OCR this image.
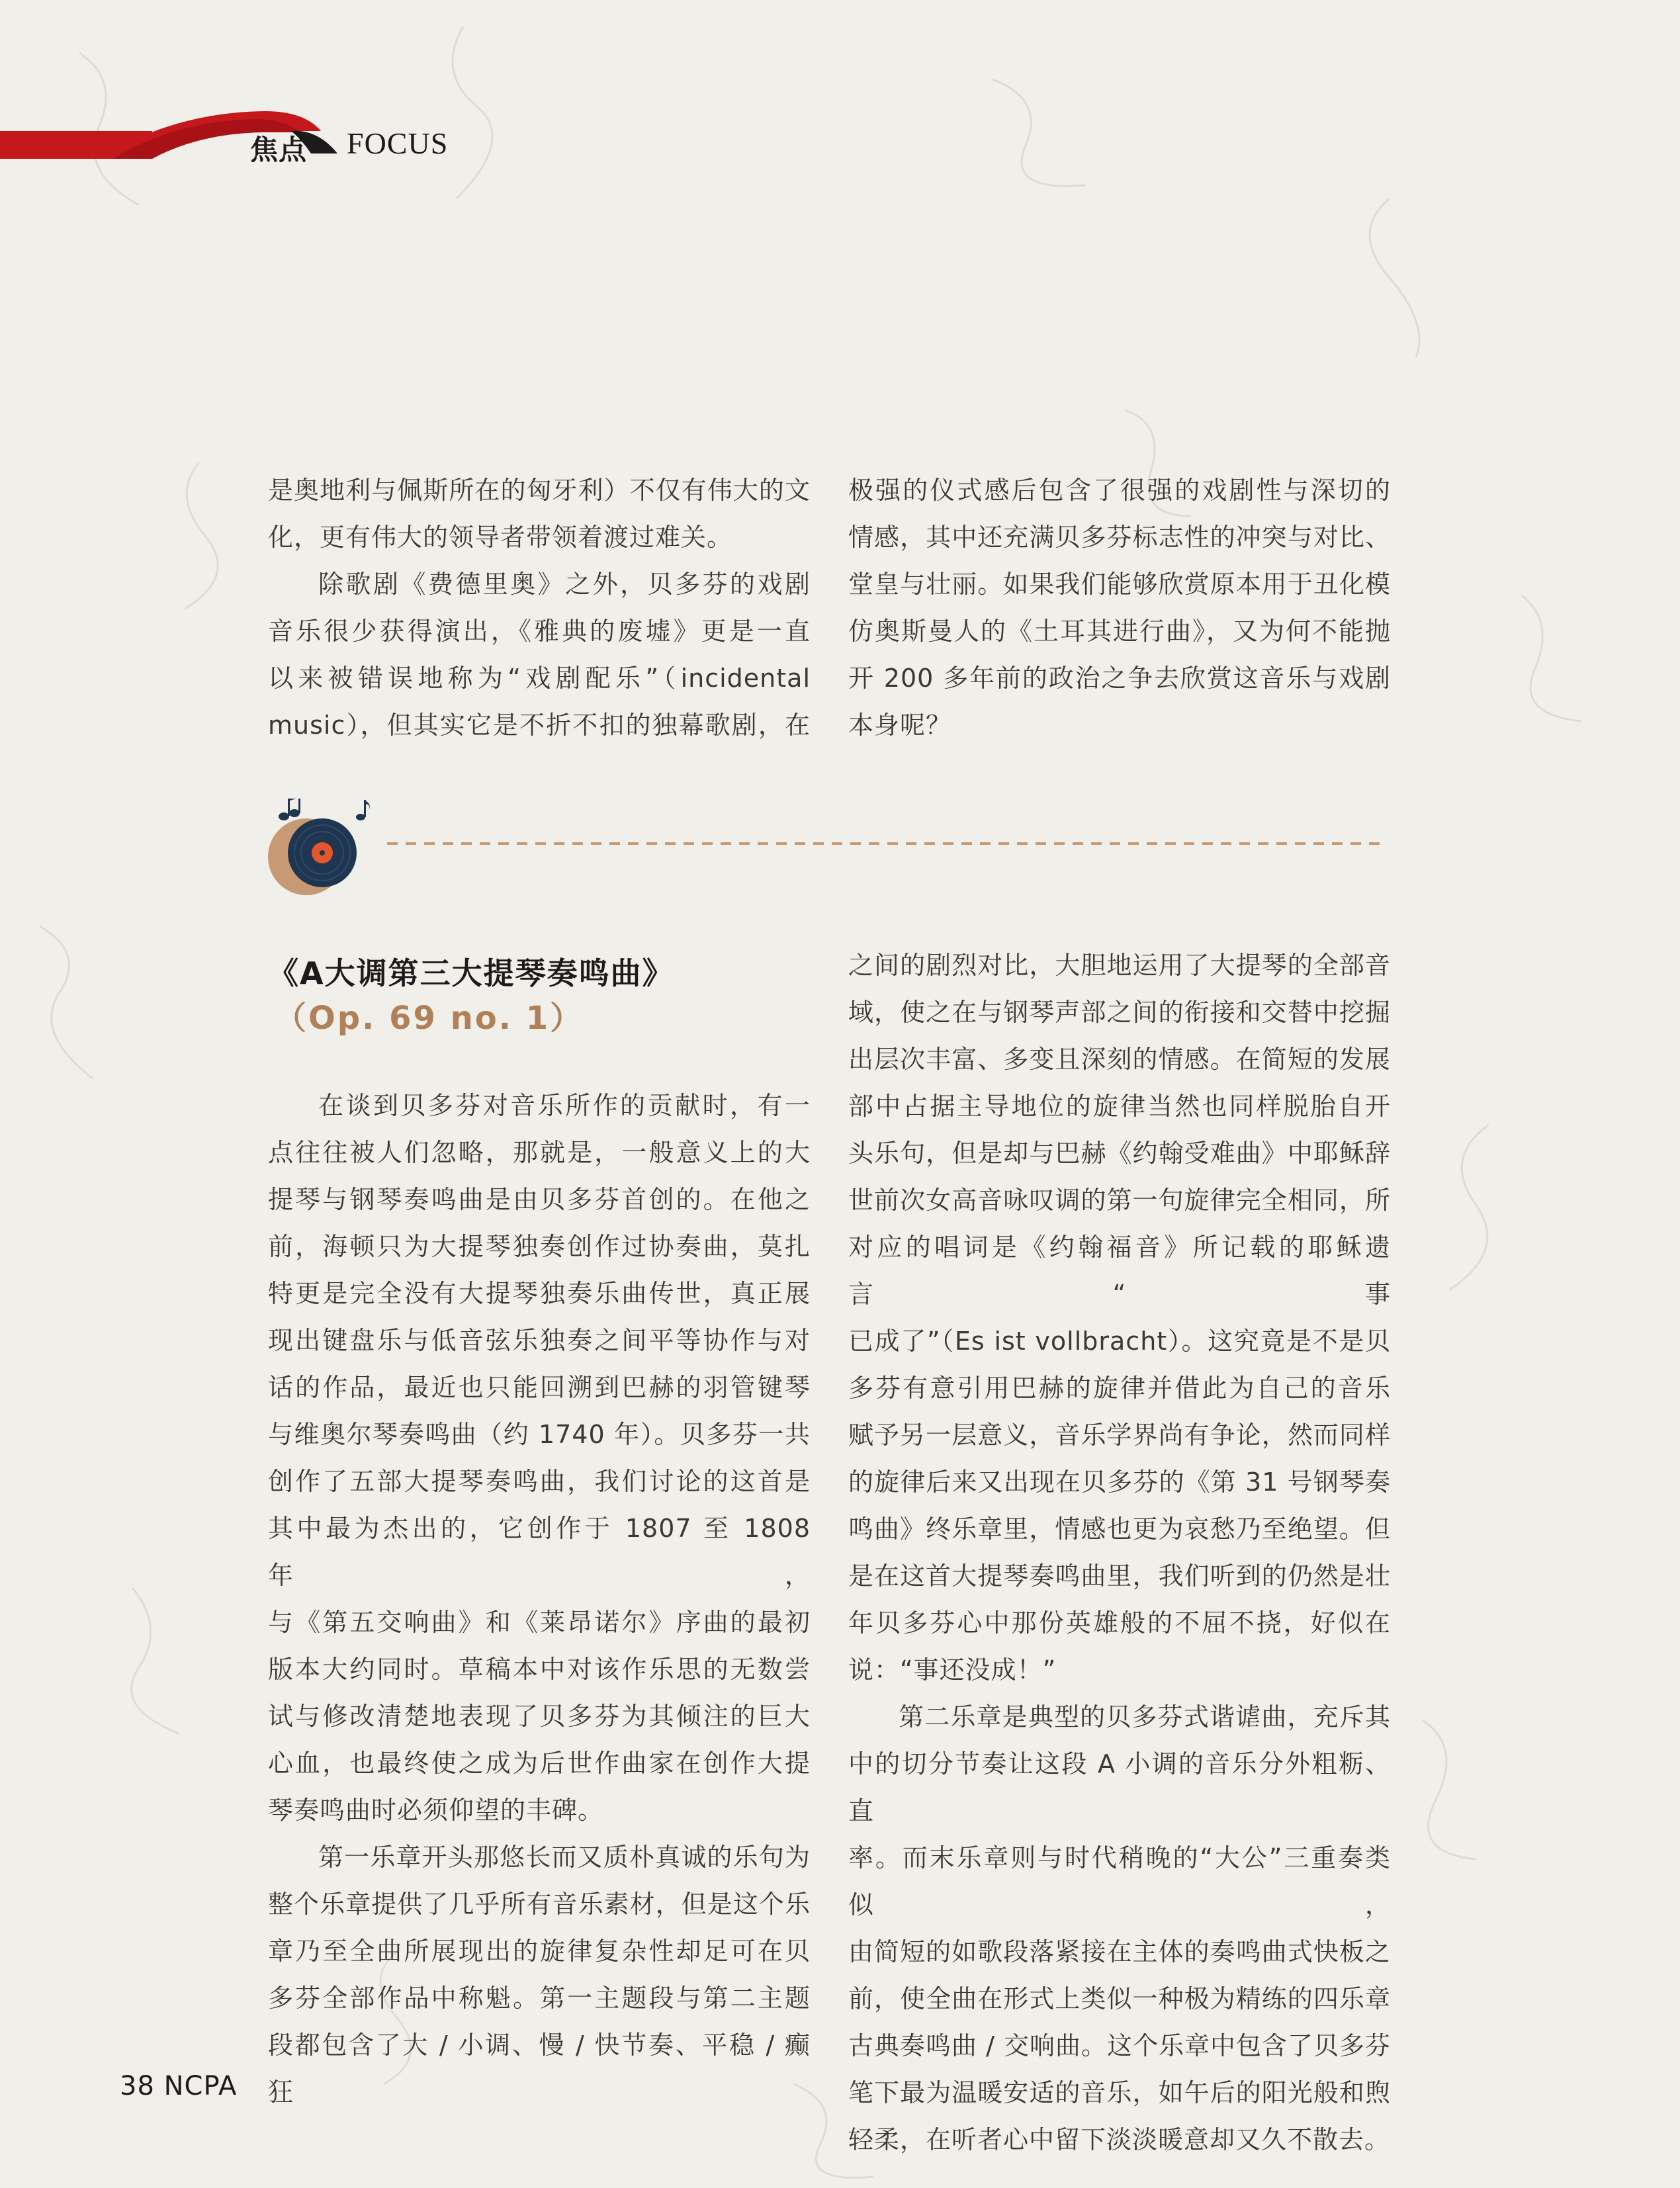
焦点 FOCUS

是奥地利与佩斯所在的匈牙利）不仅有伟大的文

化，更有伟大的领导者带领着渡过难关。

除歌剧《费德里奥》之外，贝多芬的戏剧

音乐很少获得演出，《雅典的废墟》更是一直

以来被错误地称为“戏剧配乐”（incidental

music），但其实它是不折不扣的独幕歌剧，在

极强的仪式感后包含了很强的戏剧性与深切的

情感，其中还充满贝多芬标志性的冲突与对比、

堂皇与壮丽。如果我们能够欣赏原本用于丑化模

仿奥斯曼人的《土耳其进行曲》，又为何不能抛

开 200 多年前的政治之争去欣赏这音乐与戏剧

本身呢？

《A大调第三大提琴奏鸣曲》
（Op. 69 no. 1）

在谈到贝多芬对音乐所作的贡献时，有一

点往往被人们忽略，那就是，一般意义上的大

提琴与钢琴奏鸣曲是由贝多芬首创的。在他之

前，海顿只为大提琴独奏创作过协奏曲，莫扎

特更是完全没有大提琴独奏乐曲传世，真正展

现出键盘乐与低音弦乐独奏之间平等协作与对

话的作品，最近也只能回溯到巴赫的羽管键琴

与维奥尔琴奏鸣曲（约 1740 年）。贝多芬一共

创作了五部大提琴奏鸣曲，我们讨论的这首是

其中最为杰出的，它创作于 1807 至 1808 年，

与《第五交响曲》和《莱昂诺尔》序曲的最初

版本大约同时。草稿本中对该作乐思的无数尝

试与修改清楚地表现了贝多芬为其倾注的巨大

心血，也最终使之成为后世作曲家在创作大提

琴奏鸣曲时必须仰望的丰碑。

第一乐章开头那悠长而又质朴真诚的乐句为

整个乐章提供了几乎所有音乐素材，但是这个乐

章乃至全曲所展现出的旋律复杂性却足可在贝

多芬全部作品中称魁。第一主题段与第二主题

段都包含了大 / 小调、慢 / 快节奏、平稳 / 癫狂

之间的剧烈对比，大胆地运用了大提琴的全部音

域，使之在与钢琴声部之间的衔接和交替中挖掘

出层次丰富、多变且深刻的情感。在简短的发展

部中占据主导地位的旋律当然也同样脱胎自开

头乐句，但是却与巴赫《约翰受难曲》中耶稣辞

世前次女高音咏叹调的第一句旋律完全相同，所

对应的唱词是《约翰福音》所记载的耶稣遗言“事

已成了”（Es ist vollbracht）。这究竟是不是贝

多芬有意引用巴赫的旋律并借此为自己的音乐

赋予另一层意义，音乐学界尚有争论，然而同样

的旋律后来又出现在贝多芬的《第 31 号钢琴奏

鸣曲》终乐章里，情感也更为哀愁乃至绝望。但

是在这首大提琴奏鸣曲里，我们听到的仍然是壮

年贝多芬心中那份英雄般的不屈不挠，好似在

说：“事还没成！”

第二乐章是典型的贝多芬式谐谑曲，充斥其

中的切分节奏让这段 A 小调的音乐分外粗粝、直

率。而末乐章则与时代稍晚的“大公”三重奏类似，

由简短的如歌段落紧接在主体的奏鸣曲式快板之

前，使全曲在形式上类似一种极为精练的四乐章

古典奏鸣曲 / 交响曲。这个乐章中包含了贝多芬

笔下最为温暖安适的音乐，如午后的阳光般和煦

轻柔，在听者心中留下淡淡暖意却又久不散去。

38 NCPA
